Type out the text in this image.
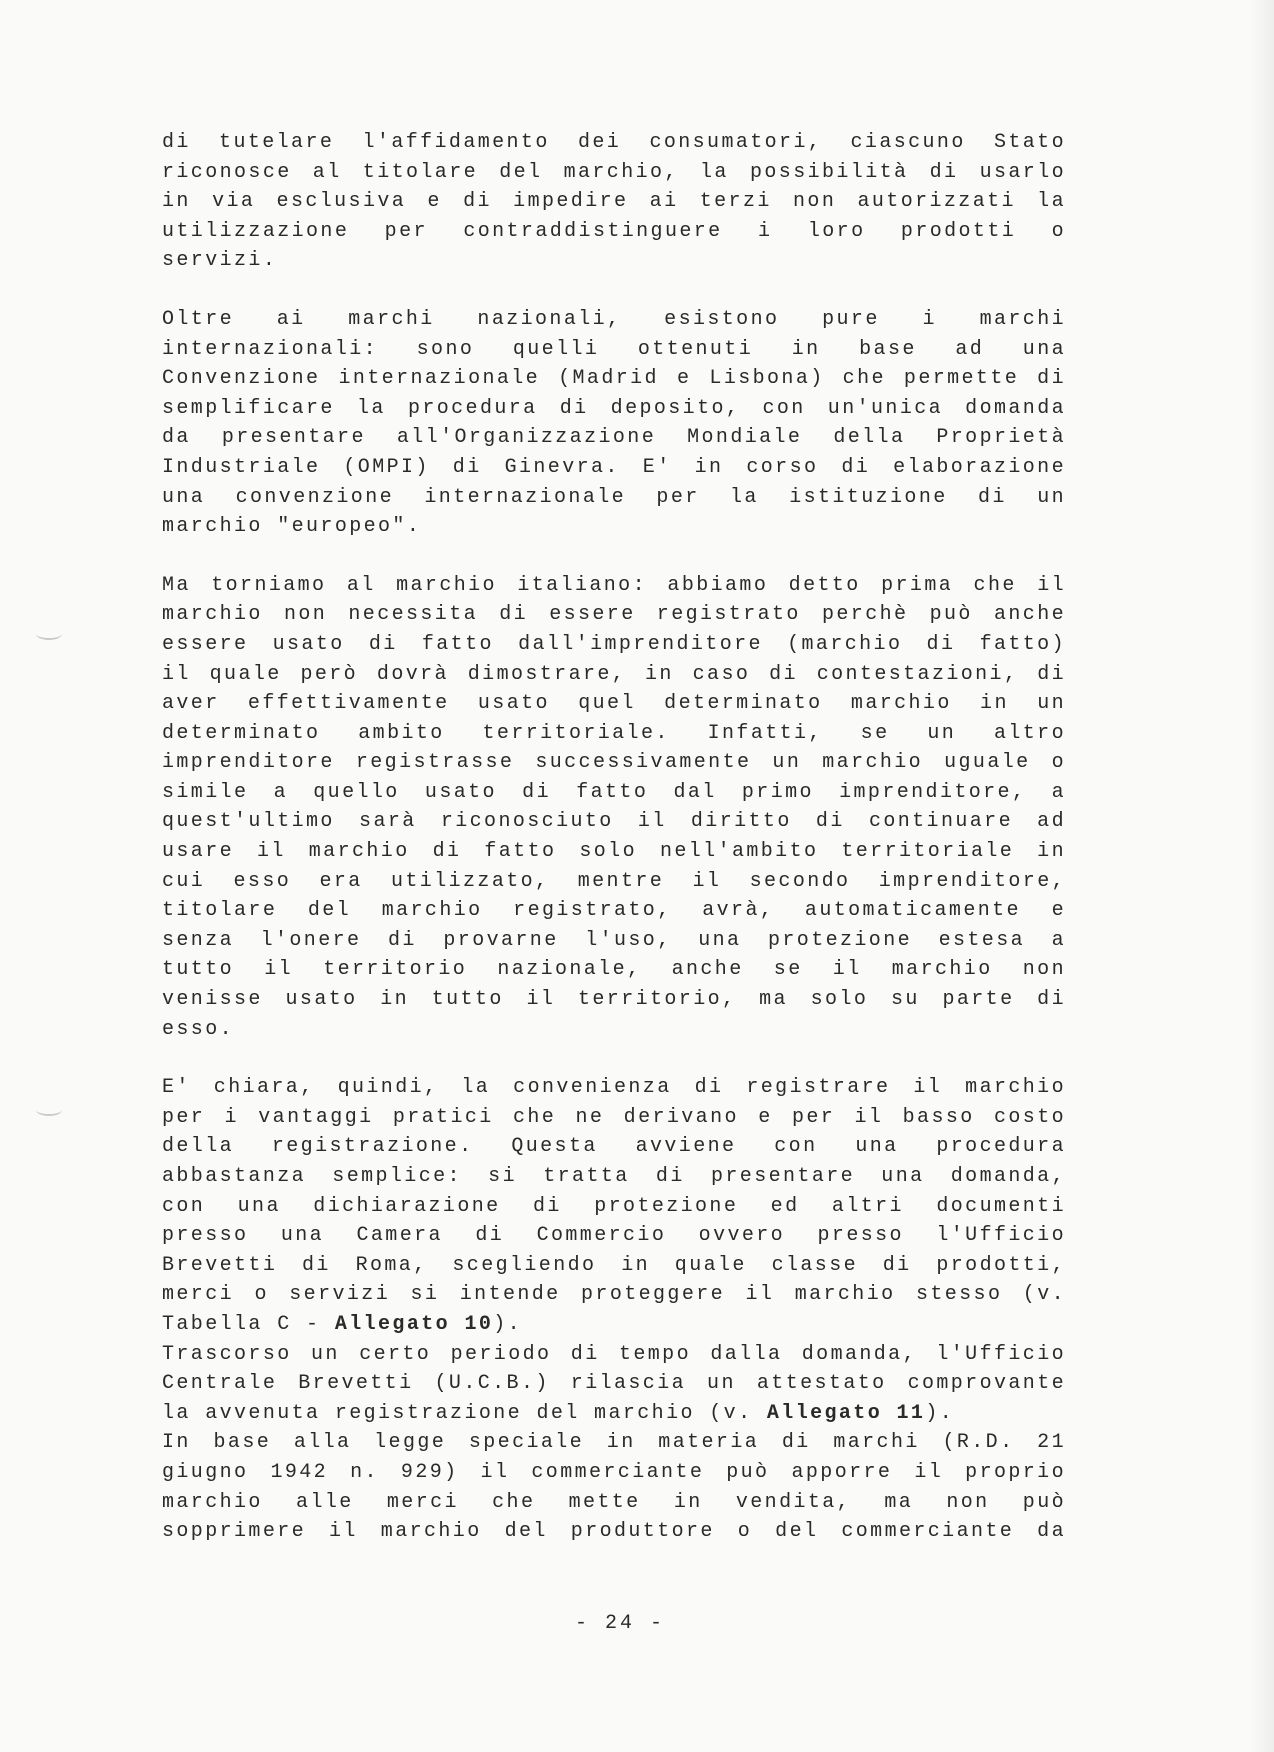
di tutelare l'affidamento dei consumatori, ciascuno Stato
riconosce al titolare del marchio, la possibilità di usarlo
in via esclusiva e di impedire ai terzi non autorizzati la
utilizzazione per contraddistinguere i loro prodotti o
servizi.
Oltre ai marchi nazionali, esistono pure i marchi
internazionali: sono quelli ottenuti in base ad una
Convenzione internazionale (Madrid e Lisbona) che permette di
semplificare la procedura di deposito, con un'unica domanda
da presentare all'Organizzazione Mondiale della Proprietà
Industriale (OMPI) di Ginevra. E' in corso di elaborazione
una convenzione internazionale per la istituzione di un
marchio "europeo".
Ma torniamo al marchio italiano: abbiamo detto prima che il
marchio non necessita di essere registrato perchè può anche
essere usato di fatto dall'imprenditore (marchio di fatto)
il quale però dovrà dimostrare, in caso di contestazioni, di
aver effettivamente usato quel determinato marchio in un
determinato ambito territoriale. Infatti, se un altro
imprenditore registrasse successivamente un marchio uguale o
simile a quello usato di fatto dal primo imprenditore, a
quest'ultimo sarà riconosciuto il diritto di continuare ad
usare il marchio di fatto solo nell'ambito territoriale in
cui esso era utilizzato, mentre il secondo imprenditore,
titolare del marchio registrato, avrà, automaticamente e
senza l'onere di provarne l'uso, una protezione estesa a
tutto il territorio nazionale, anche se il marchio non
venisse usato in tutto il territorio, ma solo su parte di
esso.
E' chiara, quindi, la convenienza di registrare il marchio
per i vantaggi pratici che ne derivano e per il basso costo
della registrazione. Questa avviene con una procedura
abbastanza semplice: si tratta di presentare una domanda,
con una dichiarazione di protezione ed altri documenti
presso una Camera di Commercio ovvero presso l'Ufficio
Brevetti di Roma, scegliendo in quale classe di prodotti,
merci o servizi si intende proteggere il marchio stesso (v.
Tabella C - Allegato 10).
Trascorso un certo periodo di tempo dalla domanda, l'Ufficio
Centrale Brevetti (U.C.B.) rilascia un attestato comprovante
la avvenuta registrazione del marchio (v. Allegato 11).
In base alla legge speciale in materia di marchi (R.D. 21
giugno 1942 n. 929) il commerciante può apporre il proprio
marchio alle merci che mette in vendita, ma non può
sopprimere il marchio del produttore o del commerciante da
- 24 -
